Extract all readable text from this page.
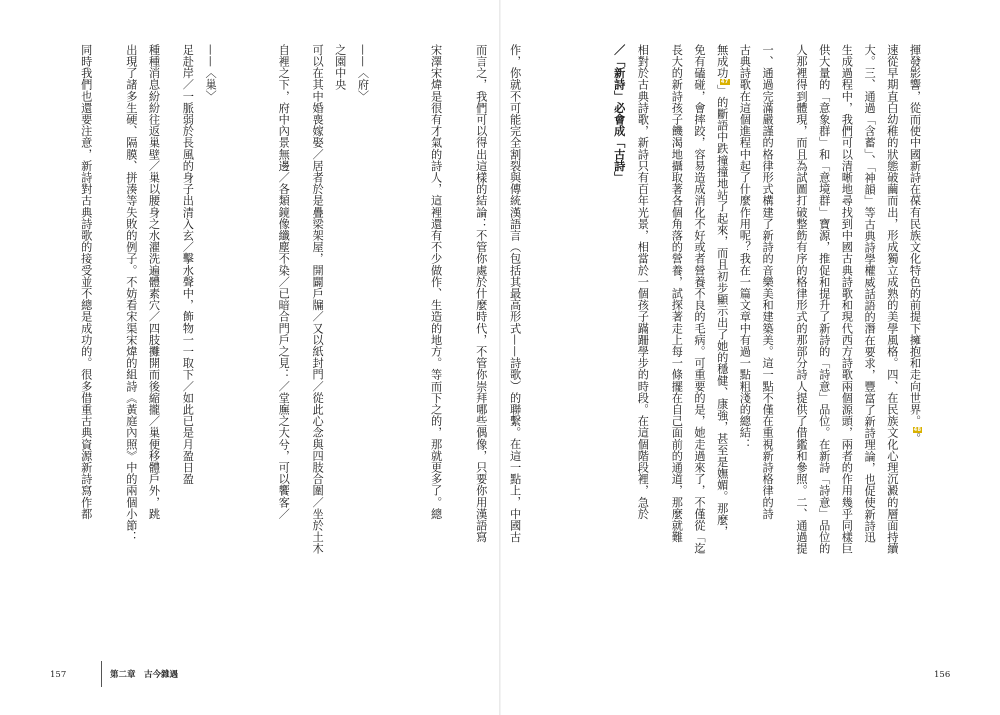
作，你就不可能完全割裂與傳統漢語言（包括其最高形式——詩歌）的聯繫。在這一點上，中國古
而言之，我們可以得出這樣的結論：不管你處於什麼時代，不管你崇拜哪些偶像，只要你用漢語寫
宋澤宋煒是很有才氣的詩人，這裡還有不少做作、生造的地方。等而下之的，那就更多了。總
——〈府〉
之園中央
可以在其中婚喪嫁娶／居者於是疊梁架屋，開闢戶牖／又以紙封門／從此心念與四肢合圍／坐於土木
自裡之下，府中內景無邊／各類鏡像纖塵不染／已暗合門戶之見：／堂廡之大兮，可以饗客／
——〈巢〉
足赴岸／一脈弱於長風的身子出清入玄／擊水聲中，飾物一一取下／如此已是月盈日盈
種種消息紛紛往返巢壁／巢以腰身之水濯洗遍體素穴／四肢攤開而後縮攏／巢便移體戶外，跳
出現了諸多生硬、隔膜、拼湊等失敗的例子。不妨看宋渠宋煒的組詩《黃庭內照》中的兩個小節：
同時我們也還要注意，新詩對古典詩歌的接受並不總是成功的。很多借重古典資源新詩寫作都
157	第二章　古今雜遇
揮發影響，從而使中國新詩在葆有民族文化特色的前提下擁抱和走向世界。48。
速從早期直白幼稚的狀態破繭而出，形成獨立成熟的美學風格。四、在民族文化心理沉澱的層面持續
大。三、通過「含蓄」、「神韻」等古典詩學權威話語的潛在要求，豐富了新詩理論，也促使新詩迅
生成過程中，我們可以清晰地尋找到中國古典詩歌和現代西方詩歌兩個源頭，兩者的作用幾乎同樣巨
供大量的「意象群」和「意境群」寶源，推促和提升了新詩的「詩意」品位。在新詩「詩意」品位的
人那裡得到體現，而且為試圖打破整飭有序的格律形式的那部分詩人提供了借鑑和參照。二、通過提
一、通過完滿嚴謹的格律形式構建了新詩的音樂美和建築美。這一點不僅在重視新詩格律的詩
古典詩歌在這個進程中起了什麼作用呢？我在一篇文章中有過一點粗淺的總結：
無成功47」的斷語中跌撞撞地站了起來，而且初步顯示出了她的穩健、康強，甚至是嫵媚。那麼，
免有磕碰，會摔跤，容易造成消化不好或者營養不良的毛病。可重要的是，她走過來了，不僅從「迄
長大的新詩孩子饑渴地攝取著各個角落的營養，試探著走上每一條擺在自己面前的通道，那麼就難
相對於古典詩歌，新詩只有百年光景，相當於一個孩子蹣跚學步的時段。在這個階段裡，急於
／「新詩」必會成「古詩」
156
